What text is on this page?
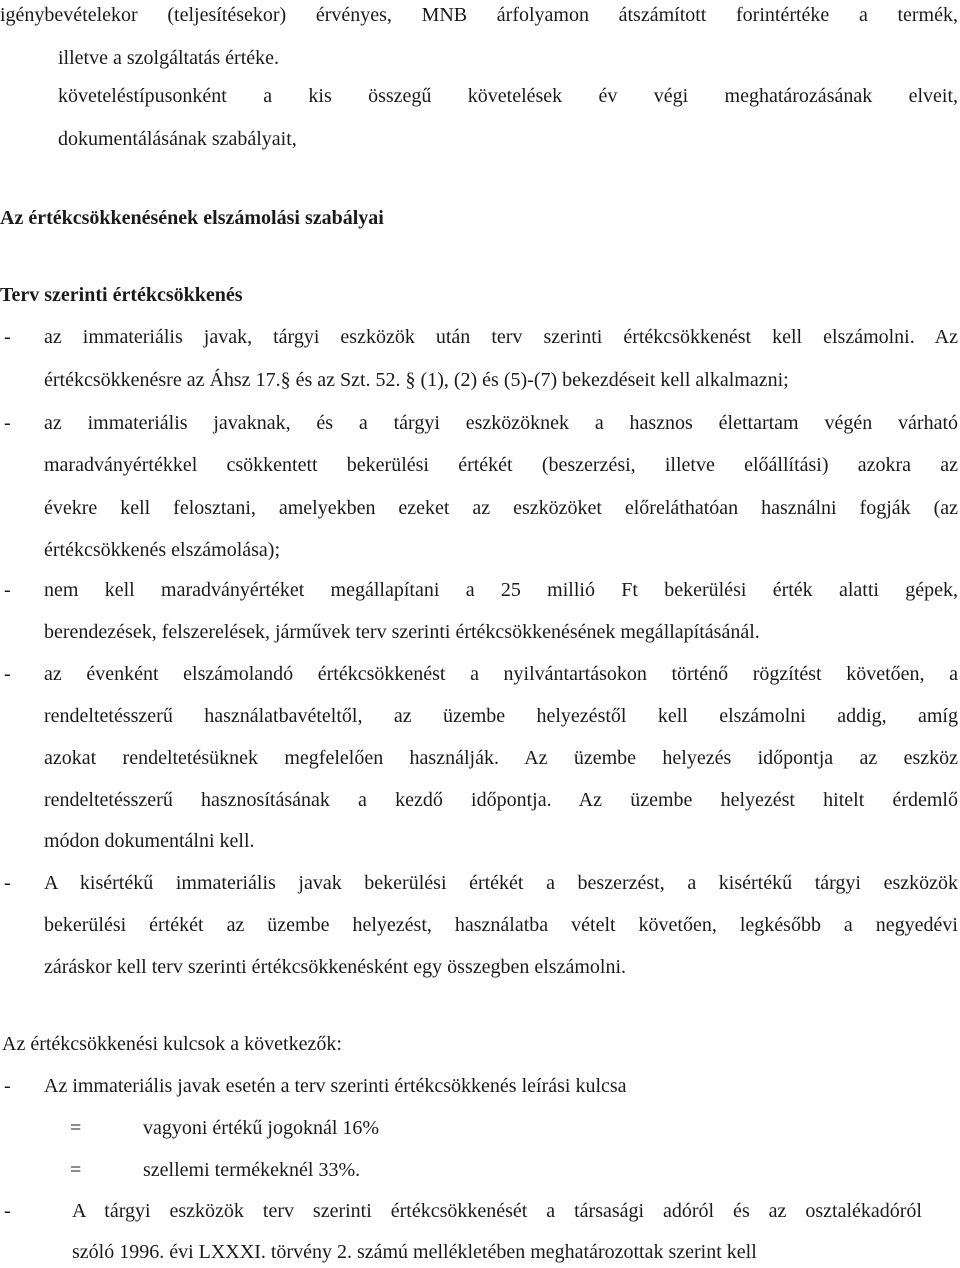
igénybevételekor (teljesítésekor) érvényes, MNB árfolyamon átszámított forintértéke a termék,
illetve a szolgáltatás értéke.
követeléstípusonként a kis összegű követelések év végi meghatározásának elveit,
dokumentálásának szabályait,
Az értékcsökkenésének elszámolási szabályai
Terv szerinti értékcsökkenés
- az immateriális javak, tárgyi eszközök után terv szerinti értékcsökkenést kell elszámolni. Az
értékcsökkenésre az Áhsz 17.§ és az Szt. 52. § (1), (2) és (5)-(7) bekezdéseit kell alkalmazni;
- az immateriális javaknak, és a tárgyi eszközöknek a hasznos élettartam végén várható
maradványértékkel csökkentett bekerülési értékét (beszerzési, illetve előállítási) azokra az
évekre kell felosztani, amelyekben ezeket az eszközöket előreláthatóan használni fogják (az
értékcsökkenés elszámolása);
- nem kell maradványértéket megállapítani a 25 millió Ft bekerülési érték alatti gépek,
berendezések, felszerelések, járművek terv szerinti értékcsökkenésének megállapításánál.
- az évenként elszámolandó értékcsökkenést a nyilvántartásokon történő rögzítést követően, a
rendeltetésszerű használatbavételtől, az üzembe helyezéstől kell elszámolni addig, amíg
azokat rendeltetésüknek megfelelően használják. Az üzembe helyezés időpontja az eszköz
rendeltetésszerű hasznosításának a kezdő időpontja. Az üzembe helyezést hitelt érdemlő
módon dokumentálni kell.
- A kisértékű immateriális javak bekerülési értékét a beszerzést, a kisértékű tárgyi eszközök
bekerülési értékét az üzembe helyezést, használatba vételt követően, legkésőbb a negyedévi
záráskor kell terv szerinti értékcsökkenésként egy összegben elszámolni.
Az értékcsökkenési kulcsok a következők:
- Az immateriális javak esetén a terv szerinti értékcsökkenés leírási kulcsa
=	vagyoni értékű jogoknál 16%
=	szellemi termékeknél 33%.
-	A tárgyi eszközök terv szerinti értékcsökkenését a társasági adóról és az osztalékadóról
szóló 1996. évi LXXXI. törvény 2. számú mellékletében meghatározottak szerint kell
